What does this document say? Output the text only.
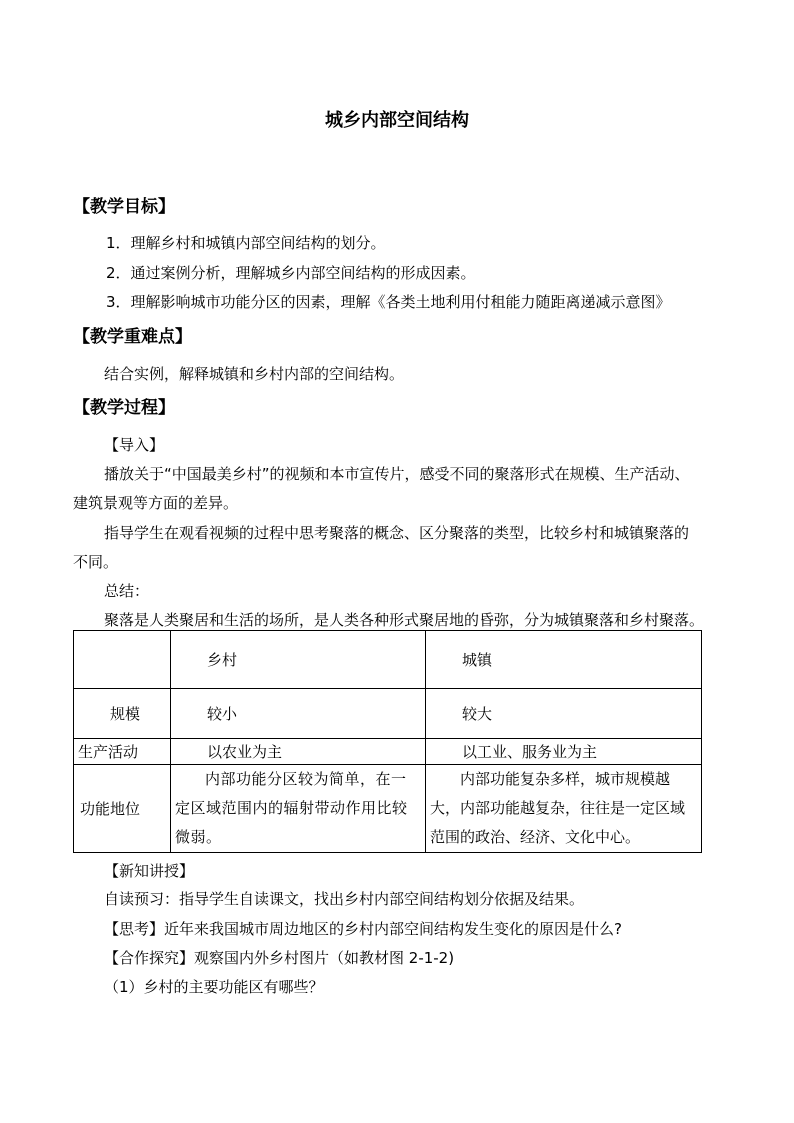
城乡内部空间结构
【教学目标】
1．理解乡村和城镇内部空间结构的划分。
2．通过案例分析，理解城乡内部空间结构的形成因素。
3．理解影响城市功能分区的因素，理解《各类土地利用付租能力随距离递减示意图》
【教学重难点】
结合实例，解释城镇和乡村内部的空间结构。
【教学过程】
【导入】
播放关于“中国最美乡村”的视频和本市宣传片，感受不同的聚落形式在规模、生产活动、
建筑景观等方面的差异。
指导学生在观看视频的过程中思考聚落的概念、区分聚落的类型，比较乡村和城镇聚落的
不同。
总结：
聚落是人类聚居和生活的场所，是人类各种形式聚居地的昏弥，分为城镇聚落和乡村聚落。
	乡村	城镇
规模	较小	较大
生产活动	以农业为主	以工业、服务业为主
功能地位	内部功能分区较为简单，在一定区域范围内的辐射带动作用比较微弱。	内部功能复杂多样，城市规模越大，内部功能越复杂，往往是一定区域范围的政治、经济、文化中心。
【新知讲授】
自读预习：指导学生自读课文，找出乡村内部空间结构划分依据及结果。
【思考】近年来我国城市周边地区的乡村内部空间结构发生变化的原因是什么?
【合作探究】观察国内外乡村图片（如教材图 2-1-2)
（1）乡村的主要功能区有哪些？
